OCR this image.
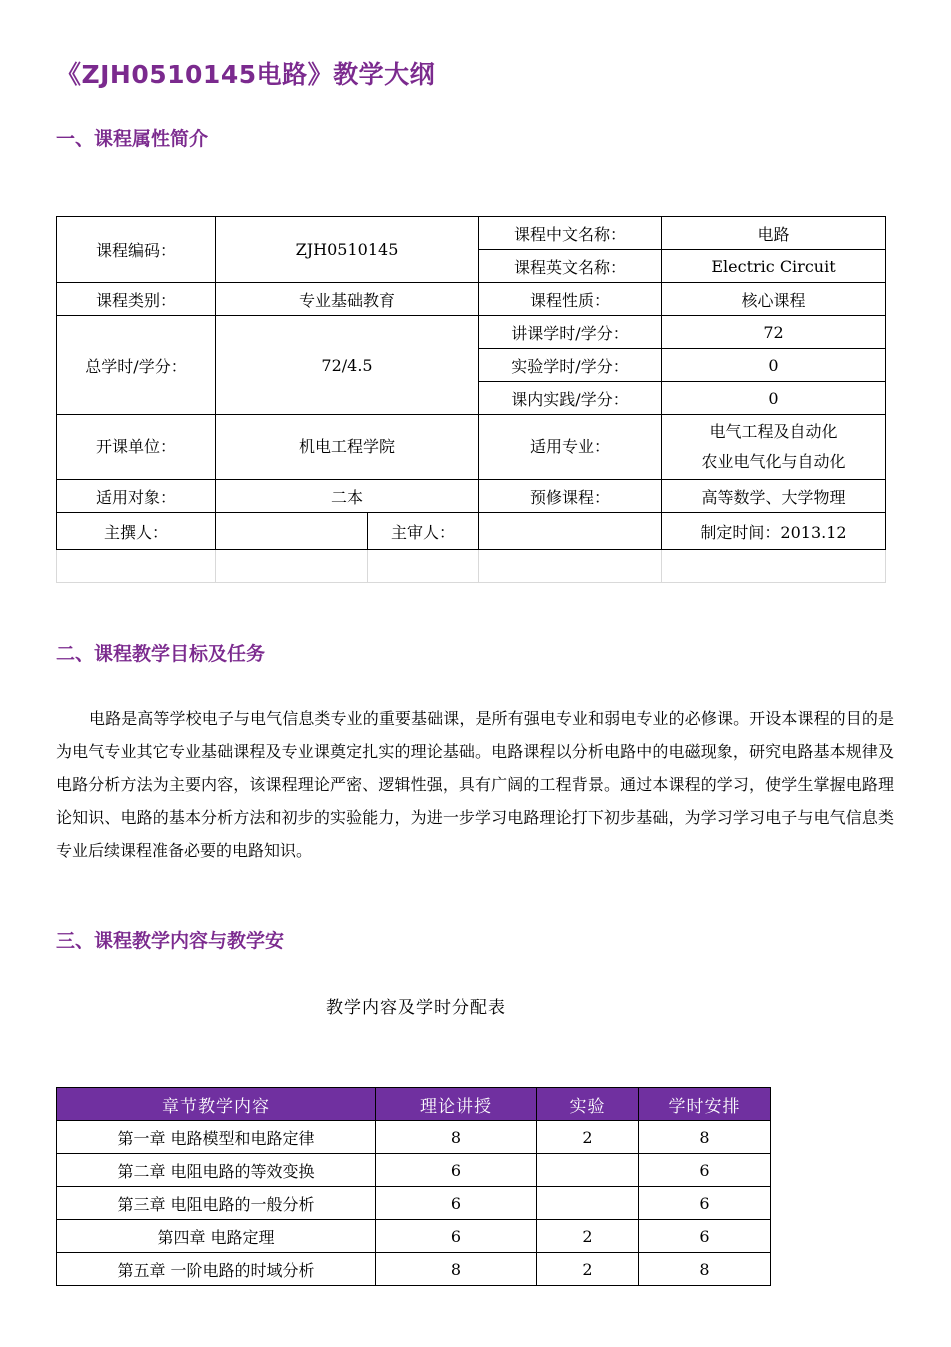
《ZJH0510145电路》教学大纲
一、课程属性简介
课程编码：	ZJH0510145		课程中文名称：	电路
			课程英文名称：	Electric Circuit
课程类别：	专业基础教育		课程性质：	核心课程
总学时/学分：	72/4.5		讲课学时/学分：	72
			实验学时/学分：	0
			课内实践/学分：	0
开课单位：	机电工程学院		适用专业：	电气工程及自动化
农业电气化与自动化

适用对象：	二本		预修课程：	高等数学、大学物理
主撰人：		主审人：		制定时间：2013.12

二、课程教学目标及任务

电路是高等学校电子与电气信息类专业的重要基础课，是所有强电专业和弱电专业的必修课。开设本课程的目的是为电气专业其它专业基础课程及专业课奠定扎实的理论基础。电路课程以分析电路中的电磁现象，研究电路基本规律及电路分析方法为主要内容，该课程理论严密、逻辑性强，具有广阔的工程背景。通过本课程的学习，使学生掌握电路理论知识、电路的基本分析方法和初步的实验能力，为进一步学习电路理论打下初步基础，为学习学习电子与电气信息类专业后续课程准备必要的电路知识。

三、课程教学内容与教学安

教学内容及学时分配表

章节教学内容	理论讲授	实验	学时安排
第一章 电路模型和电路定律	8	2	8
第二章 电阻电路的等效变换	6		6
第三章 电阻电路的一般分析	6		6
第四章 电路定理	6	2	6
第五章 一阶电路的时域分析	8	2	8
